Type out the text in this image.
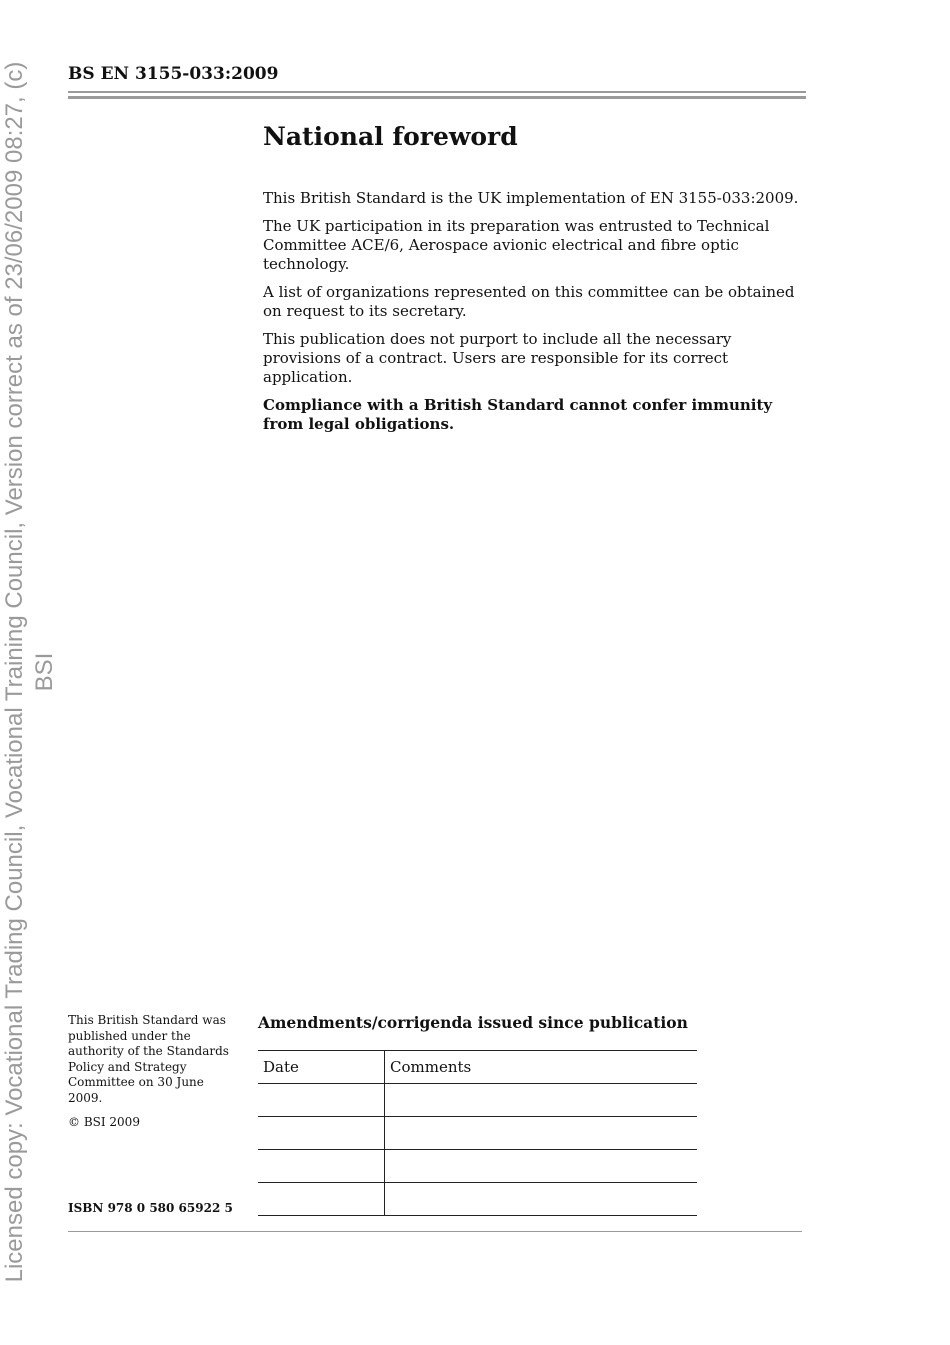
Licensed copy: Vocational Trading Council, Vocational Training Council, Version correct as of 23/06/2009 08:27, (c) BSI
BS EN 3155-033:2009
National foreword

This British Standard is the UK implementation of EN 3155-033:2009.

The UK participation in its preparation was entrusted to Technical Committee ACE/6, Aerospace avionic electrical and fibre optic technology.

A list of organizations represented on this committee can be obtained on request to its secretary.

This publication does not purport to include all the necessary provisions of a contract. Users are responsible for its correct application.

Compliance with a British Standard cannot confer immunity from legal obligations.

This British Standard was published under the authority of the Standards Policy and Strategy Committee on 30 June 2009.

© BSI 2009

ISBN 978 0 580 65922 5
Amendments/corrigenda issued since publication
Date	Comments
